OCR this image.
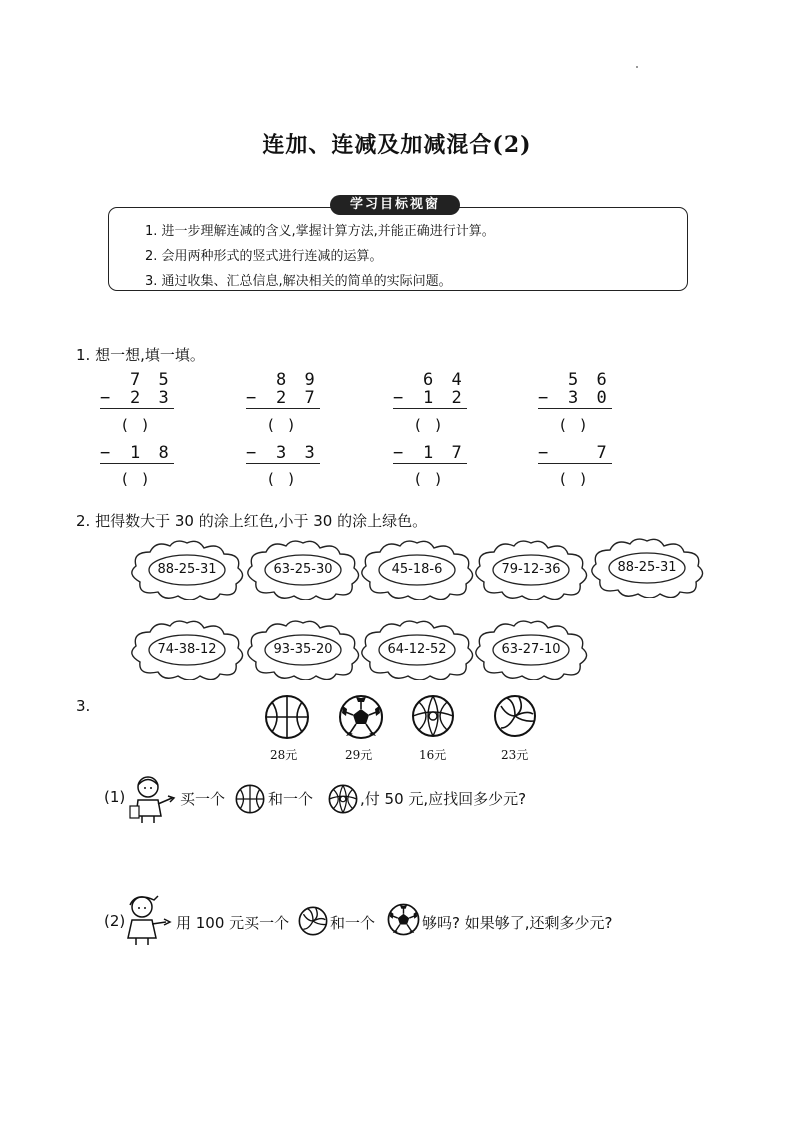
连加、连减及加减混合(2)
学习目标视窗
1. 进一步理解连减的含义,掌握计算方法,并能正确进行计算。
2. 会用两种形式的竖式进行连减的运算。
3. 通过收集、汇总信息,解决相关的简单的实际问题。
1. 想一想,填一填。
7 5
− 2 3
(   )
− 1 8
(   )
8 9
− 2 7
(   )
− 3 3
(   )
6 4
− 1 2
(   )
− 1 7
(   )
5 6
− 3 0
(   )
− 7
(   )
2. 把得数大于 30 的涂上红色,小于 30 的涂上绿色。
88-25-31	63-25-30	45-18-6	79-12-36	88-25-31
74-38-12	93-35-20	64-12-52	63-27-10
3.
28元	29元	16元	23元
(1)	买一个	和一个	,付 50 元,应找回多少元?
(2)	用 100 元买一个	和一个	够吗? 如果够了,还剩多少元?
